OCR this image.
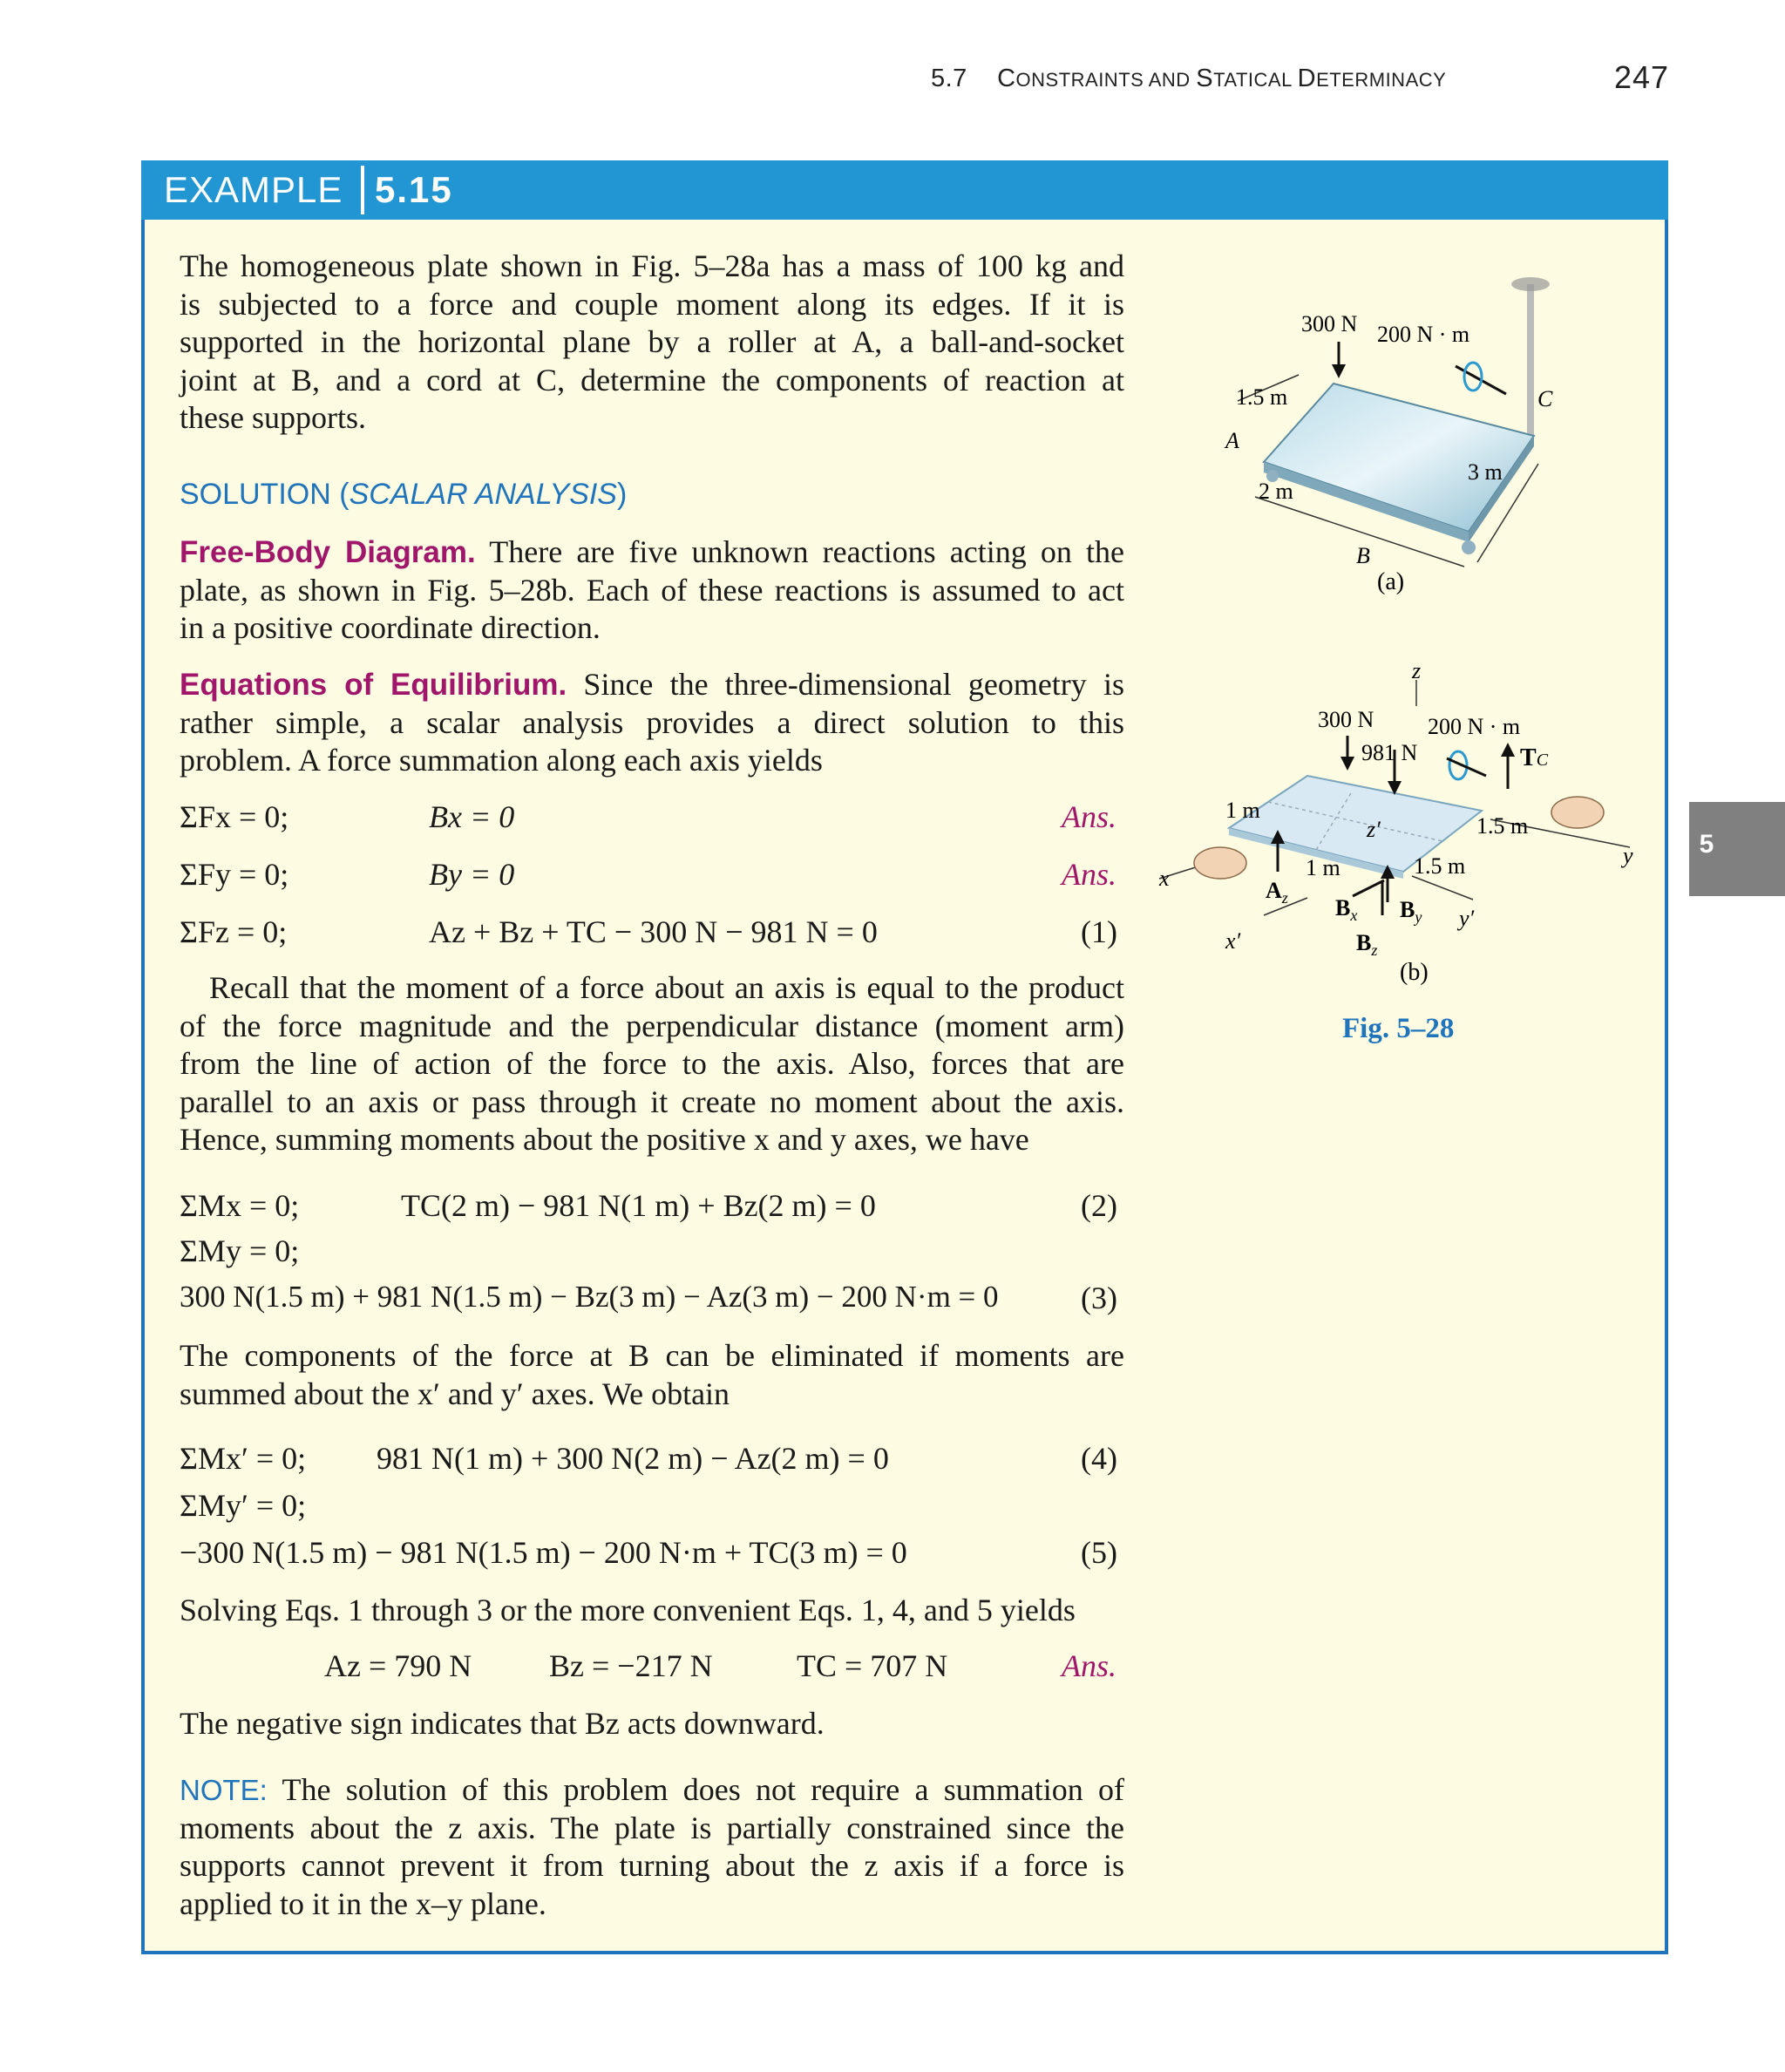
5.7 CONSTRAINTS AND STATICAL DETERMINACY	247
EXAMPLE 5.15
The homogeneous plate shown in Fig. 5–28a has a mass of 100 kg and
is subjected to a force and couple moment along its edges. If it is
supported in the horizontal plane by a roller at A, a ball-and-socket
joint at B, and a cord at C, determine the components of reaction at
these supports.
SOLUTION (SCALAR ANALYSIS)
Free-Body Diagram. There are five unknown reactions acting on the
plate, as shown in Fig. 5–28b. Each of these reactions is assumed to act
in a positive coordinate direction.
Equations of Equilibrium. Since the three-dimensional geometry is
rather simple, a scalar analysis provides a direct solution to this
problem. A force summation along each axis yields
ΣFx = 0;	Bx = 0	Ans.
ΣFy = 0;	By = 0	Ans.
ΣFz = 0;	Az + Bz + TC − 300 N − 981 N = 0	(1)
Recall that the moment of a force about an axis is equal to the product
of the force magnitude and the perpendicular distance (moment arm)
from the line of action of the force to the axis. Also, forces that are
parallel to an axis or pass through it create no moment about the axis.
Hence, summing moments about the positive x and y axes, we have
ΣMx = 0;	TC(2 m) − 981 N(1 m) + Bz(2 m) = 0	(2)
ΣMy = 0;
300 N(1.5 m) + 981 N(1.5 m) − Bz(3 m) − Az(3 m) − 200 N·m = 0	(3)
The components of the force at B can be eliminated if moments are
summed about the x′ and y′ axes. We obtain
ΣMx′ = 0; 981 N(1 m) + 300 N(2 m) − Az(2 m) = 0	(4)
ΣMy′ = 0;
−300 N(1.5 m) − 981 N(1.5 m) − 200 N·m + TC(3 m) = 0	(5)
Solving Eqs. 1 through 3 or the more convenient Eqs. 1, 4, and 5 yields
Az = 790 N Bz = −217 N	TC = 707 N	Ans.
The negative sign indicates that Bz acts downward.
NOTE: The solution of this problem does not require a summation of
moments about the z axis. The plate is partially constrained since the
supports cannot prevent it from turning about the z axis if a force is
applied to it in the x–y plane.
300 N 200 N · m
1.5 m
A
C
2 m
3 m
B
(a)
z
300 N 200 N · m
981 N	TC
1 m
1.5 m
1 m	1.5 m
z′
x
x′
y
y′
$A_z$ $B_x$ $B_y$
$B_z$
(b)
Fig. 5–28
5
